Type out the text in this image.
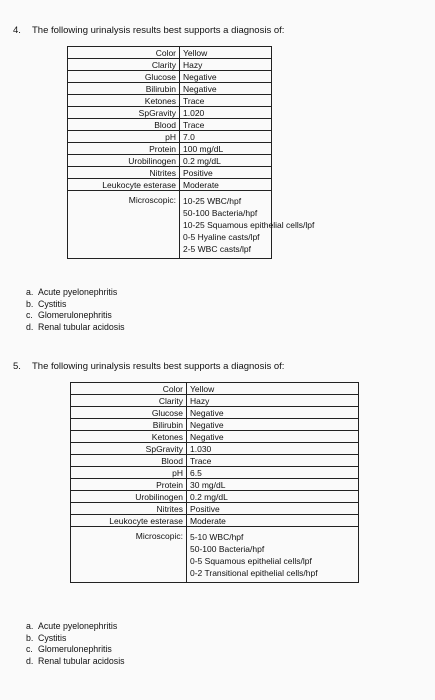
4. The following urinalysis results best supports a diagnosis of:
Color	Yellow
Clarity	Hazy
Glucose	Negative
Bilirubin	Negative
Ketones	Trace
SpGravity	1.020
Blood	Trace
pH	7.0
Protein	100 mg/dL
Urobilinogen	0.2 mg/dL
Nitrites	Positive
Leukocyte esterase	Moderate
Microscopic:	10-25 WBC/hpf
50-100 Bacteria/hpf
10-25 Squamous epithelial cells/lpf
0-5 Hyaline casts/lpf
2-5 WBC casts/lpf
a. Acute pyelonephritis
b. Cystitis
c. Glomerulonephritis
d. Renal tubular acidosis
5. The following urinalysis results best supports a diagnosis of:
Color	Yellow
Clarity	Hazy
Glucose	Negative
Bilirubin	Negative
Ketones	Negative
SpGravity	1.030
Blood	Trace
pH	6.5
Protein	30 mg/dL
Urobilinogen	0.2 mg/dL
Nitrites	Positive
Leukocyte esterase	Moderate
Microscopic:	5-10 WBC/hpf
50-100 Bacteria/hpf
0-5 Squamous epithelial cells/lpf
0-2 Transitional epithelial cells/hpf
a. Acute pyelonephritis
b. Cystitis
c. Glomerulonephritis
d. Renal tubular acidosis
